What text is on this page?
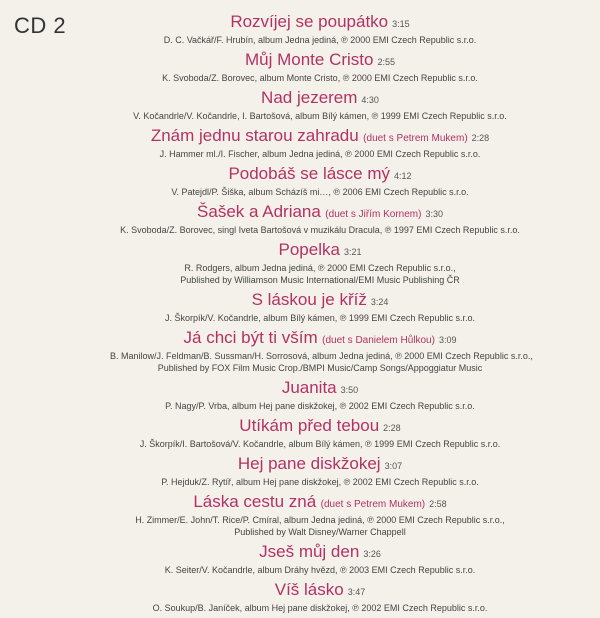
CD 2	Rozvíjej se poupátko 3:15
D. C. Vačkář/F. Hrubín, album Jedna jediná, ℗ 2000 EMI Czech Republic s.r.o.
Můj Monte Cristo 2:55
K. Svoboda/Z. Borovec, album Monte Cristo, ℗ 2000 EMI Czech Republic s.r.o.
Nad jezerem 4:30
V. Kočandrle/V. Kočandrle, I. Bartošová, album Bílý kámen, ℗ 1999 EMI Czech Republic s.r.o.
Znám jednu starou zahradu (duet s Petrem Mukem) 2:28
J. Hammer ml./I. Fischer, album Jedna jediná, ℗ 2000 EMI Czech Republic s.r.o.
Podobáš se lásce mý 4:12
V. Patejdl/P. Šiška, album Scházíš mi…, ℗ 2006 EMI Czech Republic s.r.o.
Šašek a Adriana (duet s Jiřím Kornem) 3:30
K. Svoboda/Z. Borovec, singl Iveta Bartošová v muzikálu Dracula, ℗ 1997 EMI Czech Republic s.r.o.
Popelka 3:21
R. Rodgers, album Jedna jediná, ℗ 2000 EMI Czech Republic s.r.o.,
Published by Williamson Music International/EMI Music Publishing ČR
S láskou je kříž 3:24
J. Škorpík/V. Kočandrle, album Bílý kámen, ℗ 1999 EMI Czech Republic s.r.o.
Já chci být ti vším (duet s Danielem Hůlkou) 3:09
B. Manilow/J. Feldman/B. Sussman/H. Sorrosová, album Jedna jediná, ℗ 2000 EMI Czech Republic s.r.o.,
Published by FOX Film Music Crop./BMPI Music/Camp Songs/Appoggiatur Music
Juanita 3:50
P. Nagy/P. Vrba, album Hej pane diskžokej, ℗ 2002 EMI Czech Republic s.r.o.
Utíkám před tebou 2:28
J. Škorpík/I. Bartošová/V. Kočandrle, album Bílý kámen, ℗ 1999 EMI Czech Republic s.r.o.
Hej pane diskžokej 3:07
P. Hejduk/Z. Rytíř, album Hej pane diskžokej, ℗ 2002 EMI Czech Republic s.r.o.
Láska cestu zná (duet s Petrem Mukem) 2:58
H. Zimmer/E. John/T. Rice/P. Cmíral, album Jedna jediná, ℗ 2000 EMI Czech Republic s.r.o.,
Published by Walt Disney/Warner Chappell
Jseš můj den 3:26
K. Seiter/V. Kočandrle, album Dráhy hvězd, ℗ 2003 EMI Czech Republic s.r.o.
Víš lásko 3:47
O. Soukup/B. Janíček, album Hej pane diskžokej, ℗ 2002 EMI Czech Republic s.r.o.
